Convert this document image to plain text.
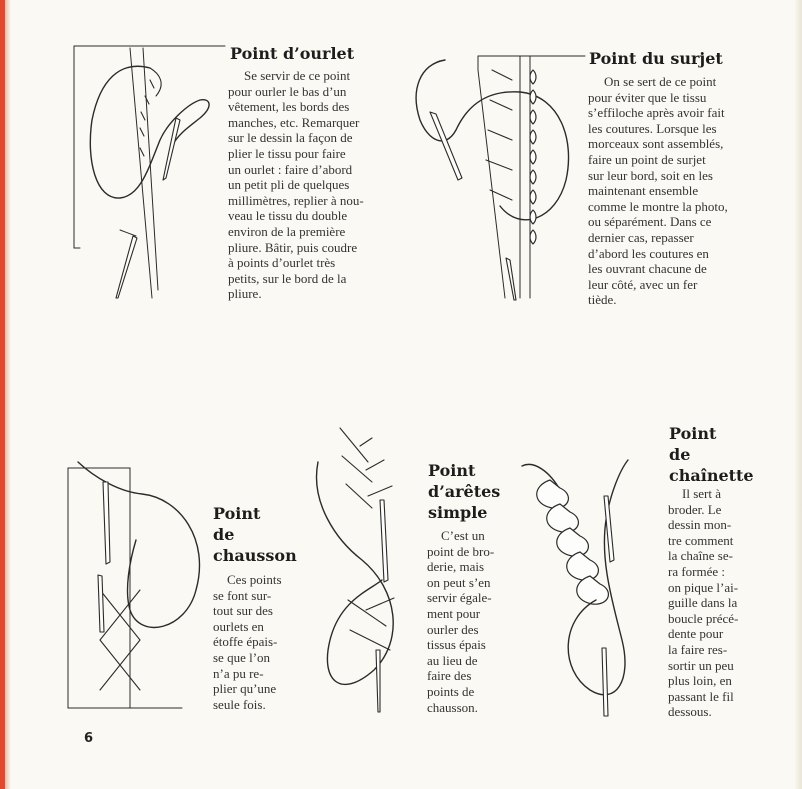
Point d’ourlet
Se servir de ce point
pour ourler le bas d’un
vêtement, les bords des
manches, etc. Remarquer
sur le dessin la façon de
plier le tissu pour faire
un ourlet : faire d’abord
un petit pli de quelques
millimètres, replier à nou-
veau le tissu du double
environ de la première
pliure. Bâtir, puis coudre
à points d’ourlet très
petits, sur le bord de la
pliure.
Point du surjet
On se sert de ce point
pour éviter que le tissu
s’effiloche après avoir fait
les coutures. Lorsque les
morceaux sont assemblés,
faire un point de surjet
sur leur bord, soit en les
maintenant ensemble
comme le montre la photo,
ou séparément. Dans ce
dernier cas, repasser
d’abord les coutures en
les ouvrant chacune de
leur côté, avec un fer
tiède.
Point
de
chausson
Ces points
se font sur-
tout sur des
ourlets en
étoffe épais-
se que l’on
n’a pu re-
plier qu’une
seule fois.
Point
d’arêtes
simple
C’est un
point de bro-
derie, mais
on peut s’en
servir égale-
ment pour
ourler des
tissus épais
au lieu de
faire des
points de
chausson.
Point
de
chaînette
Il sert à
broder. Le
dessin mon-
tre comment
la chaîne se-
ra formée :
on pique l’ai-
guille dans la
boucle précé-
dente pour
la faire res-
sortir un peu
plus loin, en
passant le fil
dessous.
6
